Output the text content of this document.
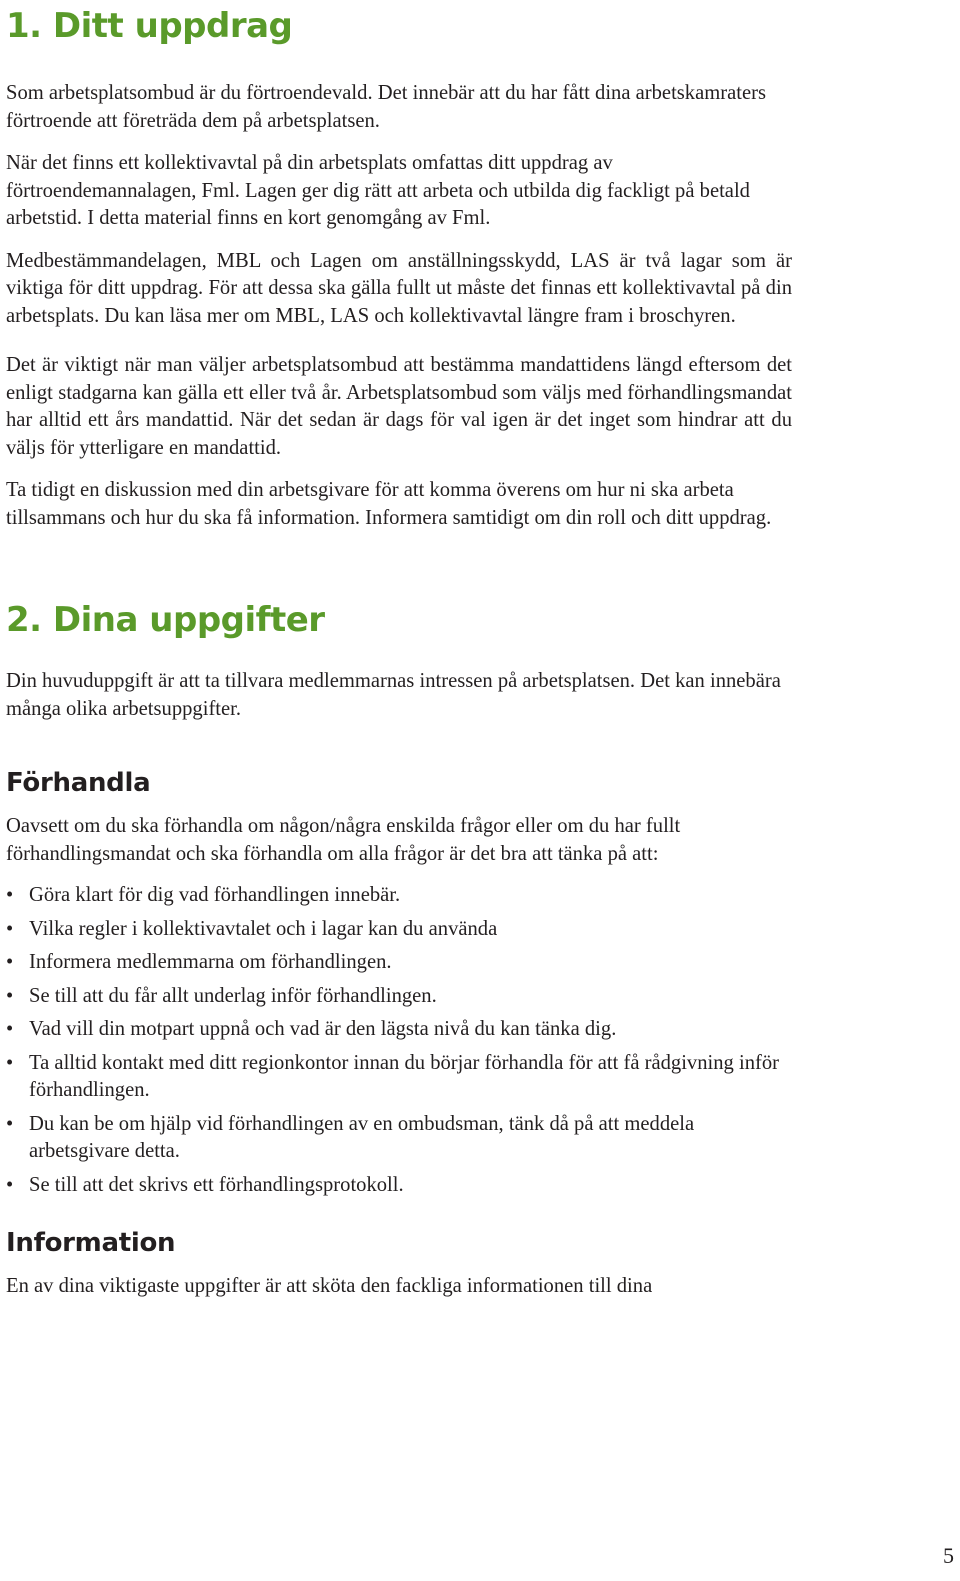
1. Ditt uppdrag

Som arbetsplatsombud är du förtroendevald. Det innebär att du har fått dina arbetskamraters förtroende att företräda dem på arbetsplatsen.

När det finns ett kollektivavtal på din arbetsplats omfattas ditt uppdrag av förtroendemannalagen, Fml. Lagen ger dig rätt att arbeta och utbilda dig fackligt på betald arbetstid. I detta material finns en kort genomgång av Fml.

Medbestämmandelagen, MBL och Lagen om anställningsskydd, LAS är två lagar som är viktiga för ditt uppdrag. För att dessa ska gälla fullt ut måste det finnas ett kollektivavtal på din arbetsplats. Du kan läsa mer om MBL, LAS och kollektivavtal längre fram i broschyren.

Det är viktigt när man väljer arbetsplatsombud att bestämma mandattidens längd eftersom det enligt stadgarna kan gälla ett eller två år. Arbetsplatsombud som väljs med förhandlingsmandat har alltid ett års mandattid. När det sedan är dags för val igen är det inget som hindrar att du väljs för ytterligare en mandattid.

Ta tidigt en diskussion med din arbetsgivare för att komma överens om hur ni ska arbeta tillsammans och hur du ska få information. Informera samtidigt om din roll och ditt uppdrag.

2. Dina uppgifter

Din huvuduppgift är att ta tillvara medlemmarnas intressen på arbetsplatsen. Det kan innebära många olika arbetsuppgifter.

Förhandla

Oavsett om du ska förhandla om någon/några enskilda frågor eller om du har fullt förhandlingsmandat och ska förhandla om alla frågor är det bra att tänka på att:

• Göra klart för dig vad förhandlingen innebär.
• Vilka regler i kollektivavtalet och i lagar kan du använda
• Informera medlemmarna om förhandlingen.
• Se till att du får allt underlag inför förhandlingen.
• Vad vill din motpart uppnå och vad är den lägsta nivå du kan tänka dig.
• Ta alltid kontakt med ditt regionkontor innan du börjar förhandla för att få rådgivning inför förhandlingen.
• Du kan be om hjälp vid förhandlingen av en ombudsman, tänk då på att meddela arbetsgivare detta.
• Se till att det skrivs ett förhandlingsprotokoll.
Information

En av dina viktigaste uppgifter är att sköta den fackliga informationen till dina

5
